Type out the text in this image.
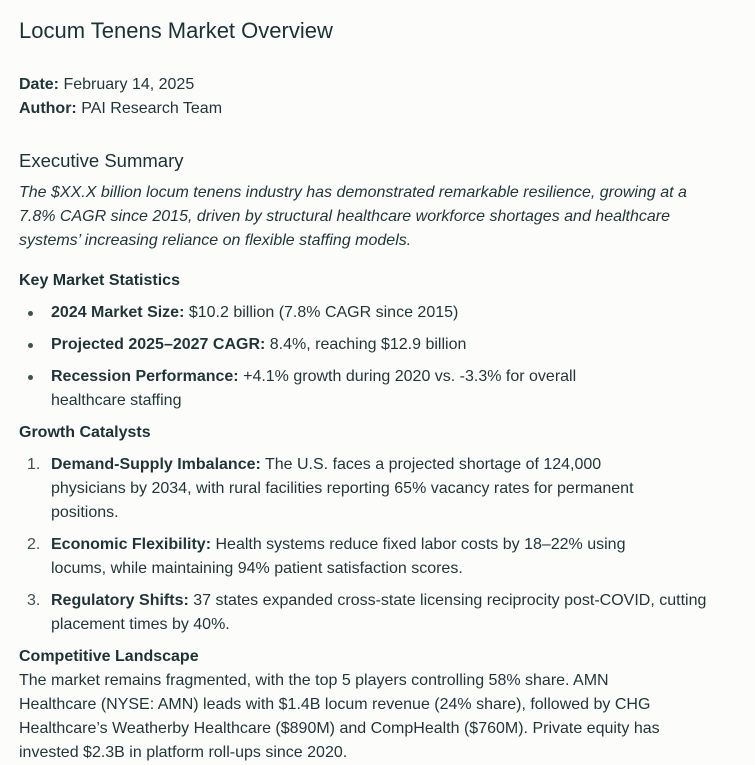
Locum Tenens Market Overview
Date: February 14, 2025
Author: PAI Research Team
Executive Summary

The $XX.X billion locum tenens industry has demonstrated remarkable resilience, growing at a 7.8% CAGR since 2015, driven by structural healthcare workforce shortages and healthcare systems’ increasing reliance on flexible staffing models.

Key Market Statistics
2024 Market Size: $10.2 billion (7.8% CAGR since 2015)
Projected 2025–2027 CAGR: 8.4%, reaching $12.9 billion
Recession Performance: +4.1% growth during 2020 vs. -3.3% for overall healthcare staffing
Growth Catalysts
1. Demand-Supply Imbalance: The U.S. faces a projected shortage of 124,000 physicians by 2034, with rural facilities reporting 65% vacancy rates for permanent positions.
2. Economic Flexibility: Health systems reduce fixed labor costs by 18–22% using locums, while maintaining 94% patient satisfaction scores.
3. Regulatory Shifts: 37 states expanded cross-state licensing reciprocity post-COVID, cutting placement times by 40%.
Competitive Landscape

The market remains fragmented, with the top 5 players controlling 58% share. AMN Healthcare (NYSE: AMN) leads with $1.4B locum revenue (24% share), followed by CHG Healthcare’s Weatherby Healthcare ($890M) and CompHealth ($760M). Private equity has invested $2.3B in platform roll-ups since 2020.
